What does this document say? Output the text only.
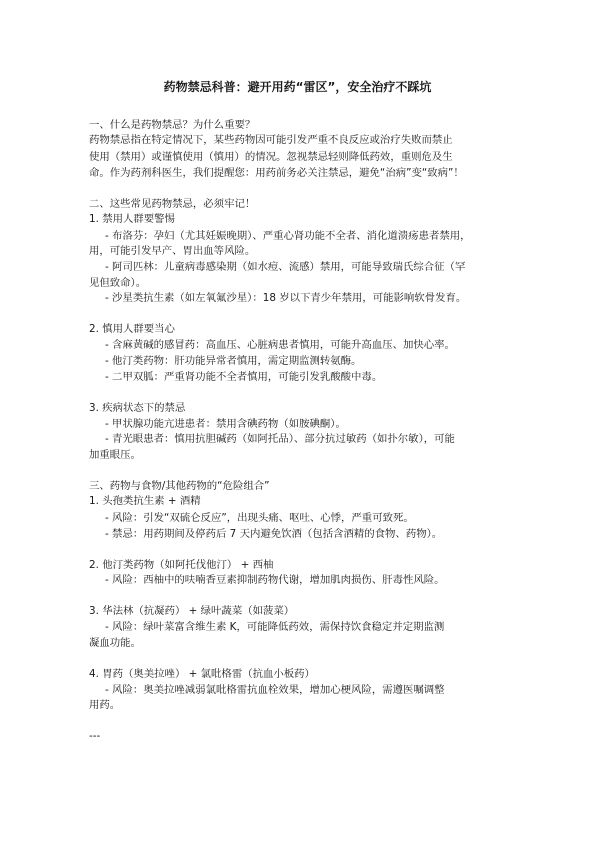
药物禁忌科普：避开用药“雷区”，安全治疗不踩坑
一、什么是药物禁忌？为什么重要？
药物禁忌指在特定情况下，某些药物因可能引发严重不良反应或治疗失败而禁止
使用（禁用）或谨慎使用（慎用）的情况。忽视禁忌轻则降低药效，重则危及生
命。作为药剂科医生，我们提醒您：用药前务必关注禁忌，避免“治病”变“致病”！
二、这些常见药物禁忌，必须牢记！
1. 禁用人群要警惕
- 布洛芬：孕妇（尤其妊娠晚期）、严重心肾功能不全者、消化道溃疡患者禁用，
用，可能引发早产、胃出血等风险。
- 阿司匹林：儿童病毒感染期（如水痘、流感）禁用，可能导致瑞氏综合征（罕
见但致命）。
- 沙星类抗生素（如左氧氟沙星）：18 岁以下青少年禁用，可能影响软骨发育。
2. 慎用人群要当心
- 含麻黄碱的感冒药：高血压、心脏病患者慎用，可能升高血压、加快心率。
- 他汀类药物：肝功能异常者慎用，需定期监测转氨酶。
- 二甲双胍：严重肾功能不全者慎用，可能引发乳酸酸中毒。
3. 疾病状态下的禁忌
- 甲状腺功能亢进患者：禁用含碘药物（如胺碘酮）。
- 青光眼患者：慎用抗胆碱药（如阿托品）、部分抗过敏药（如扑尔敏），可能
加重眼压。
三、药物与食物/其他药物的“危险组合”
1. 头孢类抗生素 + 酒精
- 风险：引发“双硫仑反应”，出现头痛、呕吐、心悸，严重可致死。
- 禁忌：用药期间及停药后 7 天内避免饮酒（包括含酒精的食物、药物）。
2. 他汀类药物（如阿托伐他汀） + 西柚
- 风险：西柚中的呋喃香豆素抑制药物代谢，增加肌肉损伤、肝毒性风险。
3. 华法林（抗凝药） + 绿叶蔬菜（如菠菜）
- 风险：绿叶菜富含维生素 K，可能降低药效，需保持饮食稳定并定期监测
凝血功能。
4. 胃药（奥美拉唑） + 氯吡格雷（抗血小板药）
- 风险：奥美拉唑减弱氯吡格雷抗血栓效果，增加心梗风险，需遵医嘱调整
用药。
---
